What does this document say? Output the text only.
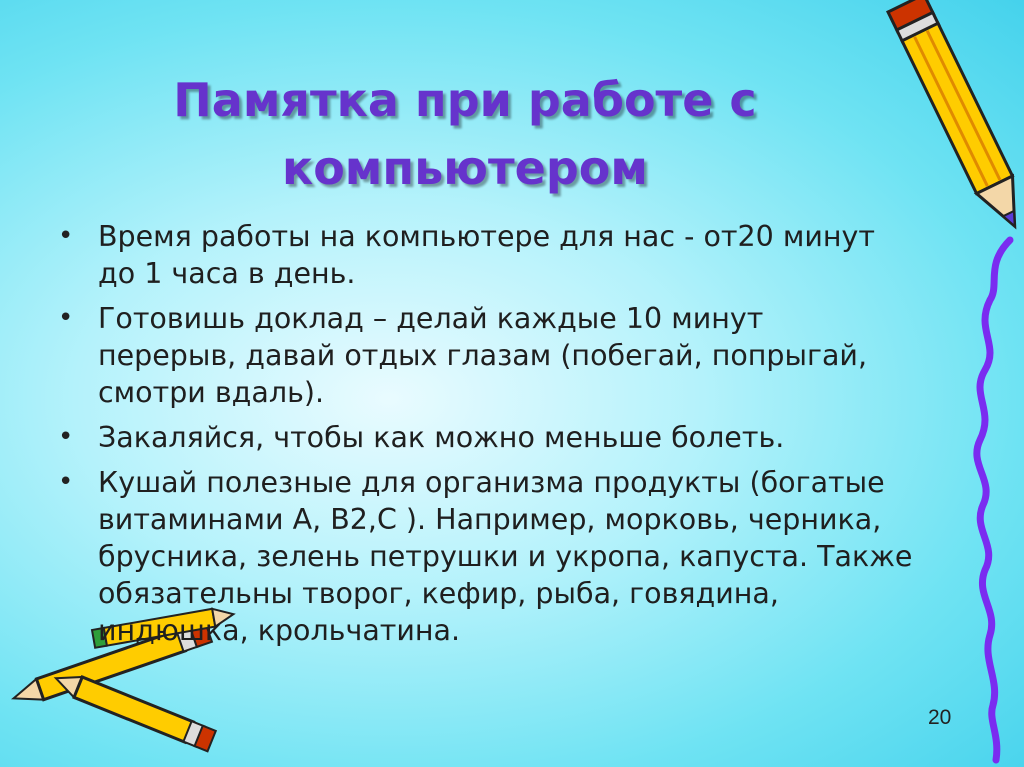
Памятка при работе с
компьютером
• Время работы на компьютере для нас - от20 минут
до 1 часа в день.
• Готовишь доклад – делай каждые 10 минут
перерыв, давай отдых глазам (побегай, попрыгай,
смотри вдаль).
• Закаляйся, чтобы как можно меньше болеть.
• Кушай полезные для организма продукты (богатые
витаминами А, В2,С ). Например, морковь, черника,
брусника, зелень петрушки и укропа, капуста. Также
обязательны творог, кефир, рыба, говядина,
индюшка, крольчатина.
20
